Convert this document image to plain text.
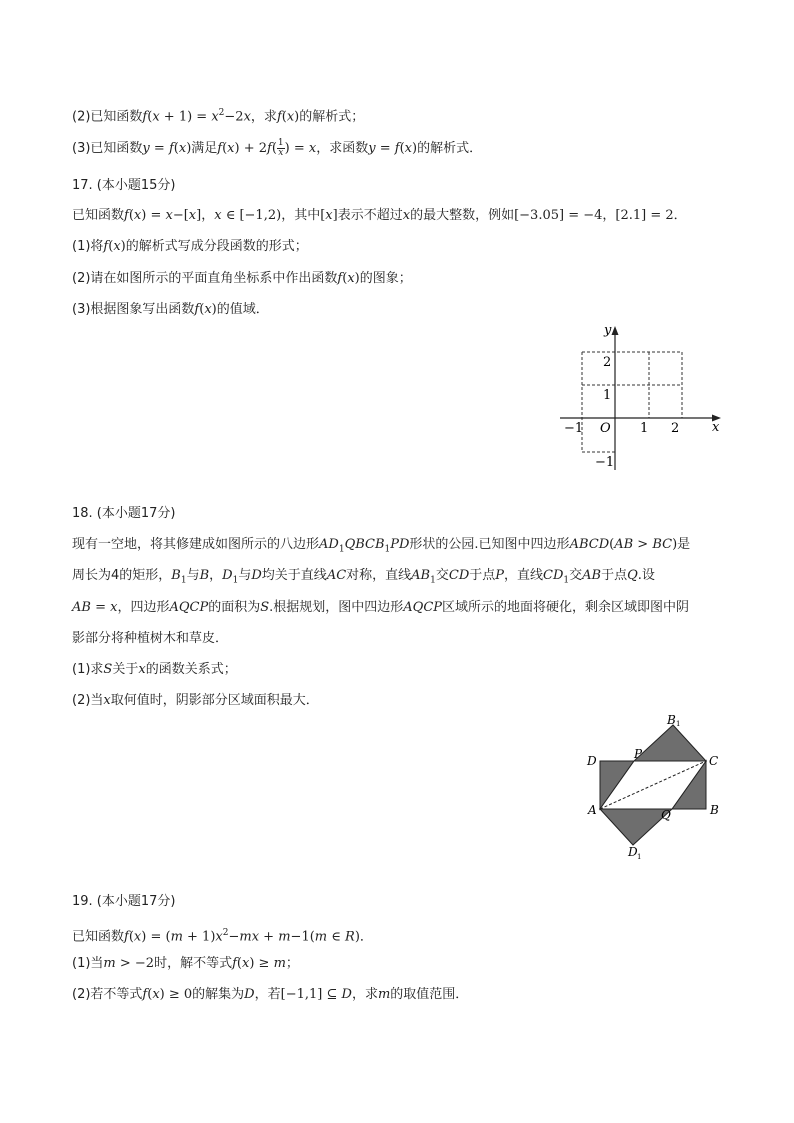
(2)已知函数$f(x + 1) = x^2-2x$，求f(x)的解析式；
(3)已知函数y = f(x)满足$f(x) + 2f( \frac{1}{x}$ ) = x，求函数y = f(x)的解析式．
17. (本小题15分)
已知函数f(x) = x−[x]，x ∈ [−1,2)，其中[x]表示不超过x的最大整数，例如[−3.05] = −4，[2.1] = 2．
(1)将f(x)的解析式写成分段函数的形式；
(2)请在如图所示的平面直角坐标系中作出函数f(x)的图象；
(3)根据图象写出函数f(x)的值域．
y
x
O
−1	1 2
2
1
−1
18. (本小题17分)
现有一空地，将其修建成如图所示的八边形$AD_1QBCB_1PD$形状的公园.已知图中四边形ABCD(AB > BC)是
周长为4的矩形，$B_1$与B，$D_1$与D均关于直线AC对称，直线$AB_1$交CD于点P，直线$CD_1$交AB于点Q.设
AB = x，四边形AQCP的面积为S.根据规划，图中四边形AQCP区域所示的地面将硬化，剩余区域即图中阴
影部分将种植树木和草皮．
(1)求S关于x的函数关系式；
(2)当x取何值时，阴影部分区域面积最大．
B 1
P
D	C
A	Q	B
D 1
19. (本小题17分)
已知函数$f(x) = (m + 1)x^2-mx + m-1(m$ ∈ R)．
(1)当m > −2时，解不等式f(x) ≥ m；
(2)若不等式f(x) ≥ 0的解集为D，若[−1,1] ⊆ D，求m的取值范围．
